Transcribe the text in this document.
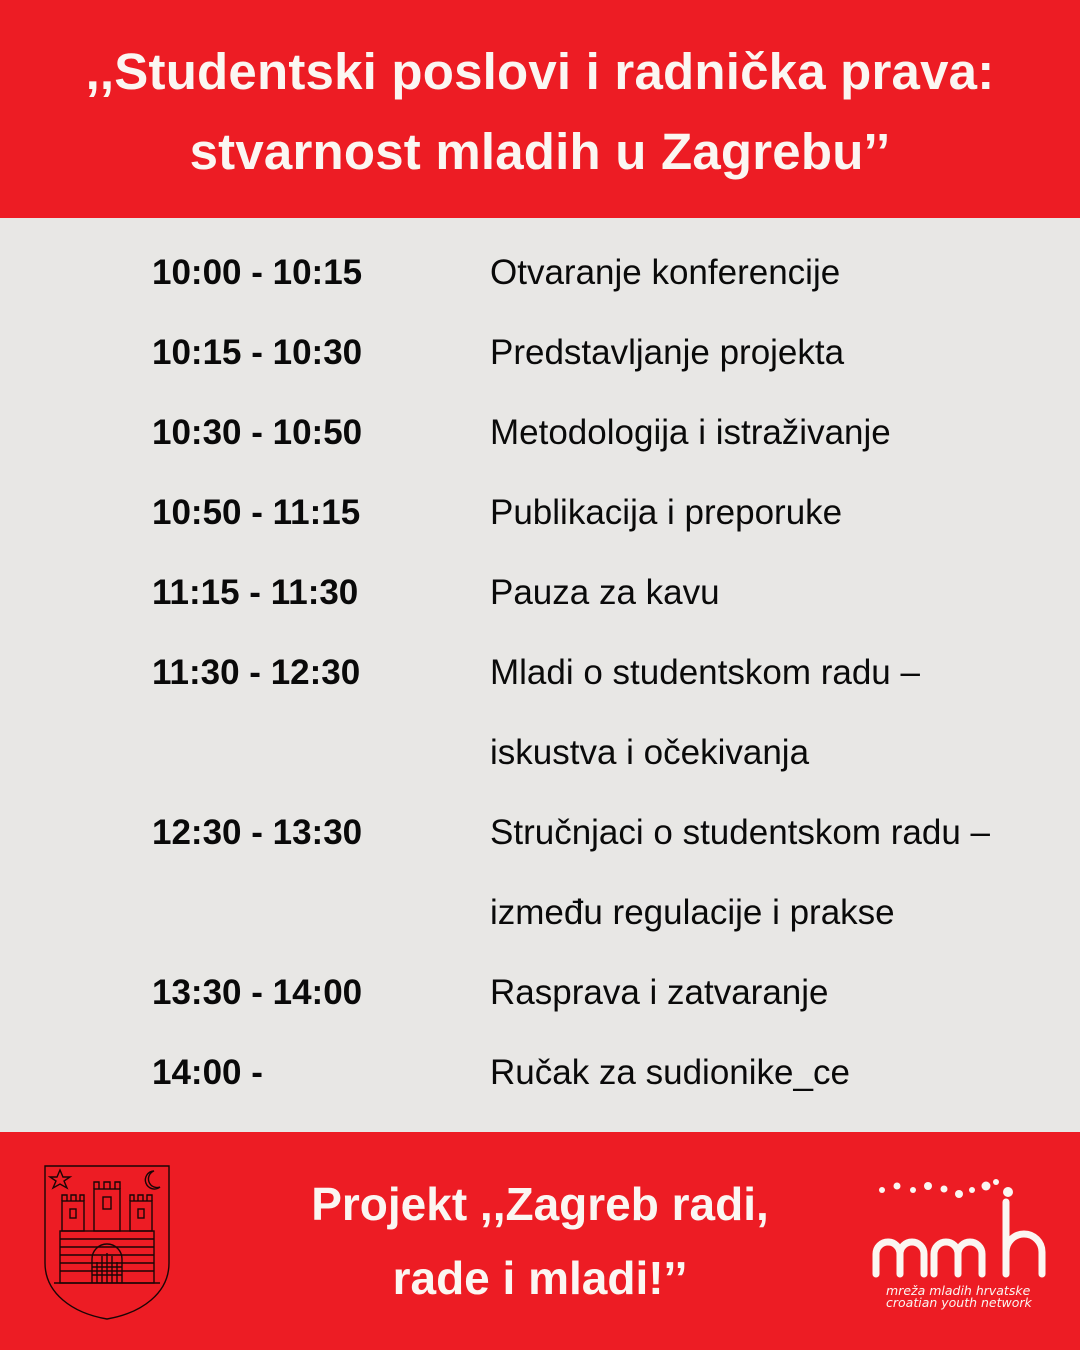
,,Studentski poslovi i radnička prava:
stvarnost mladih u Zagrebu’’
10:00 - 10:15	Otvaranje konferencije
10:15 - 10:30	Predstavljanje projekta
10:30 - 10:50	Metodologija i istraživanje
10:50 - 11:15	Publikacija i preporuke
11:15 - 11:30	Pauza za kavu
11:30 - 12:30	Mladi o studentskom radu –
iskustva i očekivanja
12:30 - 13:30	Stručnjaci o studentskom radu –
između regulacije i prakse
13:30 - 14:00	Rasprava i zatvaranje
14:00 -	Ručak za sudionike_ce
Projekt ,,Zagreb radi,
rade i mladi!’’	mreža mladih hrvatske
croatian youth network
